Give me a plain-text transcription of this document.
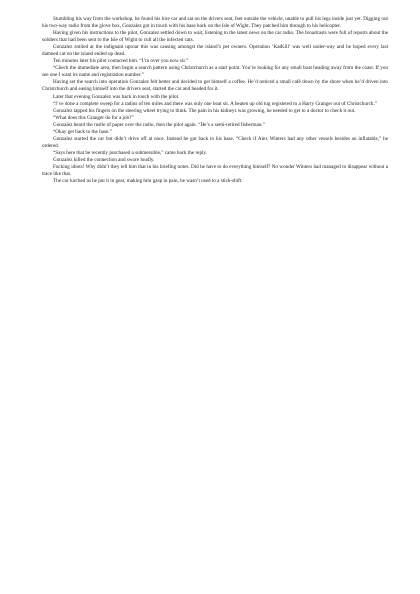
Stumbling his way from the workshop, he found his hire car and sat on the drivers seat, feet outside the vehicle, unable to pull his legs inside just yet. Digging out his two-way radio from the glove box, Gonzalez got in touch with his base back on the Isle of Wight. They patched him through to his helicopter.

Having given his instructions to the pilot, Gonzalez settled down to wait, listening to the latest news on the car radio. The broadcasts were full of reports about the soldiers that had been sent to the Isle of Wight to cull all the infected cats.

Gonzalez smiled at the indignant uproar this was causing amongst the island’s pet owners. Operation ‘KatKill’ was well under-way and he hoped every last damned cat on the island ended up dead.

Ten minutes later his pilot contacted him. “I’m over you now sir.”

“Check the immediate area, then begin a search pattern using Christchurch as a start point. You’re looking for any small boat heading away from the coast. If you see one I want its name and registration number.”

Having set the search into operation Gonzalez felt better and decided to get himself a coffee. He’d noticed a small café down by the shore when he’d driven into Christchurch and easing himself into the drivers seat, started the car and headed for it.

Later that evening Gonzalez was back in touch with the pilot.

“I’ve done a complete sweep for a radius of ten miles and there was only one boat sir. A beaten up old tug registered to a Harry Granger out of Christchurch.”

Gonzalez tapped his fingers on the steering wheel trying to think. The pain in his kidneys was growing, he needed to get to a doctor to check it out.

“What does this Granger do for a job?”

Gonzalez heard the rustle of paper over the radio, then the pilot again. “He’s a semi-retired fisherman.”

“Okay get back to the base.”

Gonzalez started the car but didn’t drive off at once. Instead he got back to his base. “Check if Alex Winters had any other vessels besides an inflatable,” he ordered.

“Says here that he recently purchased a submersible,” came back the reply.

Gonzalez killed the connection and swore loudly.

Fucking idiots! Why didn’t they tell him that in his briefing notes. Did he have to do everything himself? No wonder Winters had managed to disappear without a trace like that.

The car lurched as he put it in gear, making him gasp in pain, he wasn’t used to a stick-shift.
